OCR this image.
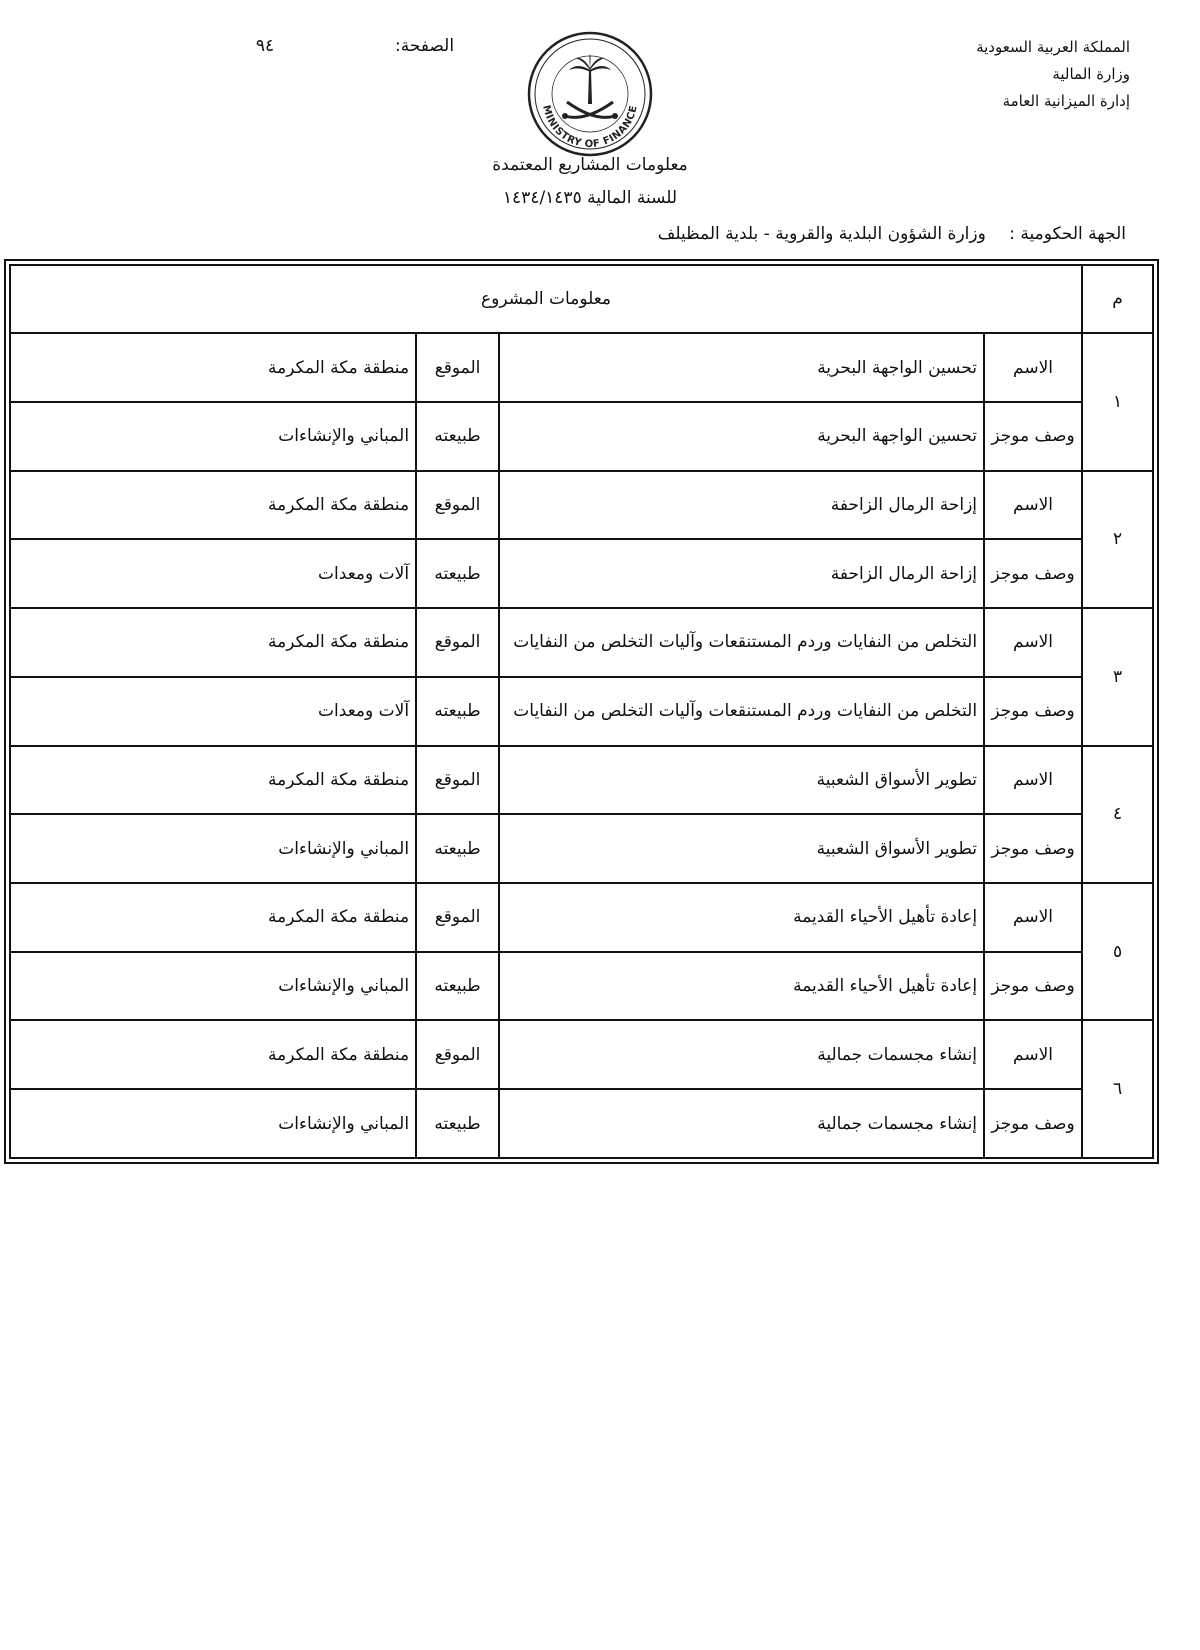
المملكة العربية السعودية
وزارة المالية
إدارة الميزانية العامة
الصفحة:
٩٤
MINISTRY OF FINANCE
معلومات المشاريع المعتمدة
للسنة المالية ١٤٣٤/١٤٣٥
الجهة الحكومية : وزارة الشؤون البلدية والقروية - بلدية المظيلف
م	معلومات المشروع			
١	الاسم	تحسين الواجهة البحرية	الموقع	منطقة مكة المكرمة
	وصف موجز	تحسين الواجهة البحرية	طبيعته	المباني والإنشاءات
٢	الاسم	إزاحة الرمال الزاحفة	الموقع	منطقة مكة المكرمة
	وصف موجز	إزاحة الرمال الزاحفة	طبيعته	آلات ومعدات
٣	الاسم	التخلص من النفايات وردم المستنقعات وآليات التخلص من النفايات	الموقع	منطقة مكة المكرمة
	وصف موجز	التخلص من النفايات وردم المستنقعات وآليات التخلص من النفايات	طبيعته	آلات ومعدات
٤	الاسم	تطوير الأسواق الشعبية	الموقع	منطقة مكة المكرمة
	وصف موجز	تطوير الأسواق الشعبية	طبيعته	المباني والإنشاءات
٥	الاسم	إعادة تأهيل الأحياء القديمة	الموقع	منطقة مكة المكرمة
	وصف موجز	إعادة تأهيل الأحياء القديمة	طبيعته	المباني والإنشاءات
٦	الاسم	إنشاء مجسمات جمالية	الموقع	منطقة مكة المكرمة
	وصف موجز	إنشاء مجسمات جمالية	طبيعته	المباني والإنشاءات
